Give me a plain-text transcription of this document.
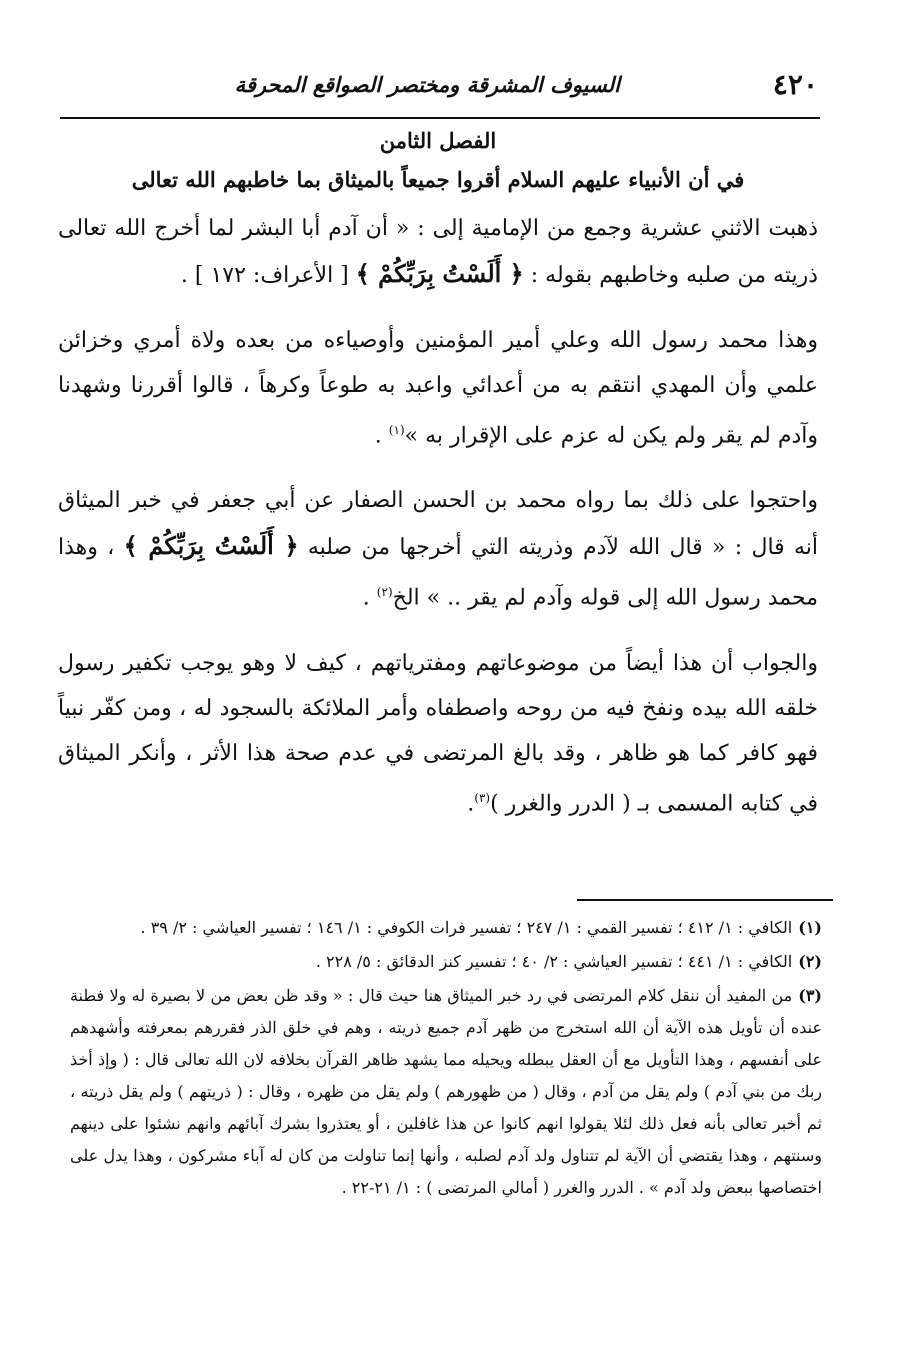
٤٢٠
السيوف المشرقة ومختصر الصواقع المحرقة
الفصل الثامن
في أن الأنبياء عليهم السلام أقروا جميعاً بالميثاق بما خاطبهم الله تعالى

ذهبت الاثني عشرية وجمع من الإمامية إلى : « أن آدم أبا البشر لما أخرج الله تعالى ذريته من صلبه وخاطبهم بقوله : ﴿ أَلَسْتُ بِرَبِّكُمْ ﴾ [ الأعراف: ١٧٢ ] .

وهذا محمد رسول الله وعلي أمير المؤمنين وأوصياءه من بعده ولاة أمري وخزائن علمي وأن المهدي انتقم به من أعدائي واعبد به طوعاً وكرهاً ، قالوا أقررنا وشهدنا وآدم لم يقر ولم يكن له عزم على الإقرار به »$^{(١)}$ .

واحتجوا على ذلك بما رواه محمد بن الحسن الصفار عن أبي جعفر في خبر الميثاق أنه قال : « قال الله لآدم وذريته التي أخرجها من صلبه ﴿ أَلَسْتُ بِرَبِّكُمْ ﴾ ، وهذا محمد رسول الله إلى قوله وآدم لم يقر .. » الخ$^{(٢)}$ .

والجواب أن هذا أيضاً من موضوعاتهم ومفترياتهم ، كيف لا وهو يوجب تكفير رسول خلقه الله بيده ونفخ فيه من روحه واصطفاه وأمر الملائكة بالسجود له ، ومن كفّر نبياً فهو كافر كما هو ظاهر ، وقد بالغ المرتضى في عدم صحة هذا الأثر ، وأنكر الميثاق في كتابه المسمى بـ ( الدرر والغرر )$^{(٣)}$.

(١)الكافي : ١/ ٤١٢ ؛ تفسير القمي : ١/ ٢٤٧ ؛ تفسير فرات الكوفي : ١/ ١٤٦ ؛ تفسير العياشي : ٢/ ٣٩ .
(٢)الكافي : ١/ ٤٤١ ؛ تفسير العياشي : ٢/ ٤٠ ؛ تفسير كنز الدقائق : ٥/ ٢٢٨ .
(٣)من المفيد أن ننقل كلام المرتضى في رد خبر الميثاق هنا حيث قال : « وقد ظن بعض من لا بصيرة له ولا فطنة عنده أن تأويل هذه الآية أن الله استخرج من ظهر آدم جميع ذريته ، وهم في خلق الذر فقررهم بمعرفته وأشهدهم على أنفسهم ، وهذا التأويل مع أن العقل يبطله ويحيله مما يشهد ظاهر القرآن بخلافه لان الله تعالى قال : ( وإذ أخذ ربك من بني آدم ) ولم يقل من آدم ، وقال ( من ظهورهم ) ولم يقل من ظهره ، وقال : ( ذريتهم ) ولم يقل ذريته ، ثم أخبر تعالى بأنه فعل ذلك لئلا يقولوا انهم كانوا عن هذا غافلين ، أو يعتذروا بشرك آبائهم وانهم نشئوا على دينهم وسنتهم ، وهذا يقتضي أن الآية لم تتناول ولد آدم لصلبه ، وأنها إنما تناولت من كان له آباء مشركون ، وهذا يدل على اختصاصها ببعض ولد آدم » . الدرر والغرر ( أمالي المرتضى ) : ١/ ٢١-٢٢ .
